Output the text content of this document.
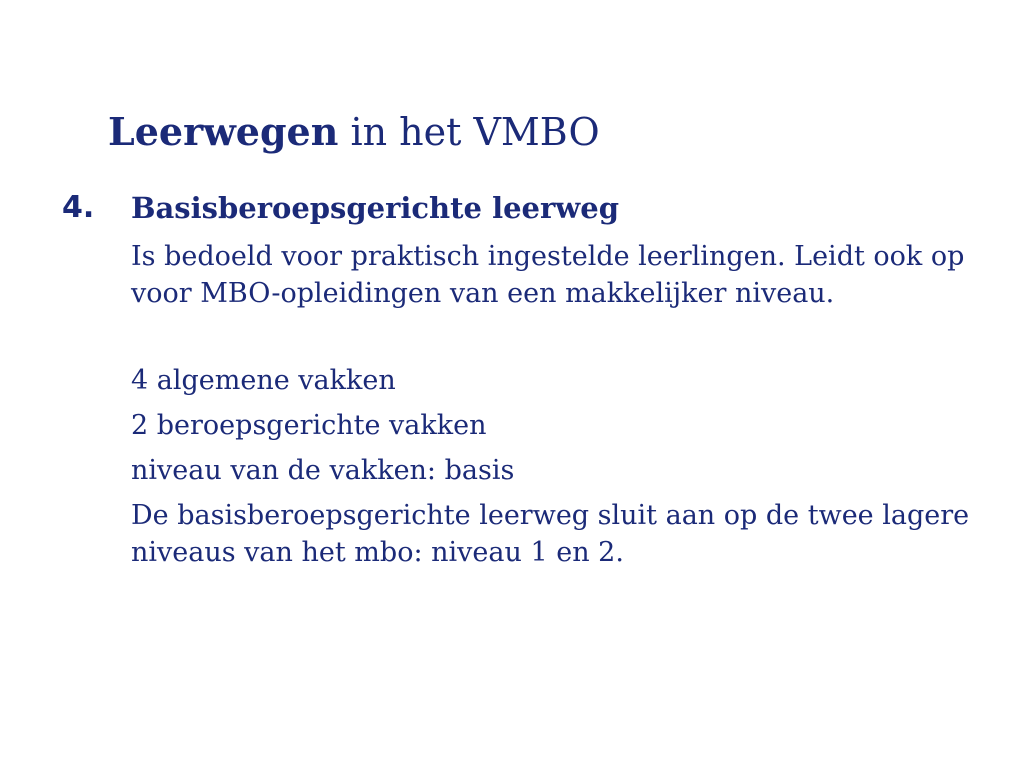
Leerwegen in het VMBO
4. Basisberoepsgerichte leerweg

Is bedoeld voor praktisch ingestelde leerlingen. Leidt ook op voor MBO-opleidingen van een makkelijker niveau.

4 algemene vakken

2 beroepsgerichte vakken

niveau van de vakken: basis

De basisberoepsgerichte leerweg sluit aan op de twee lagere niveaus van het mbo: niveau 1 en 2.
